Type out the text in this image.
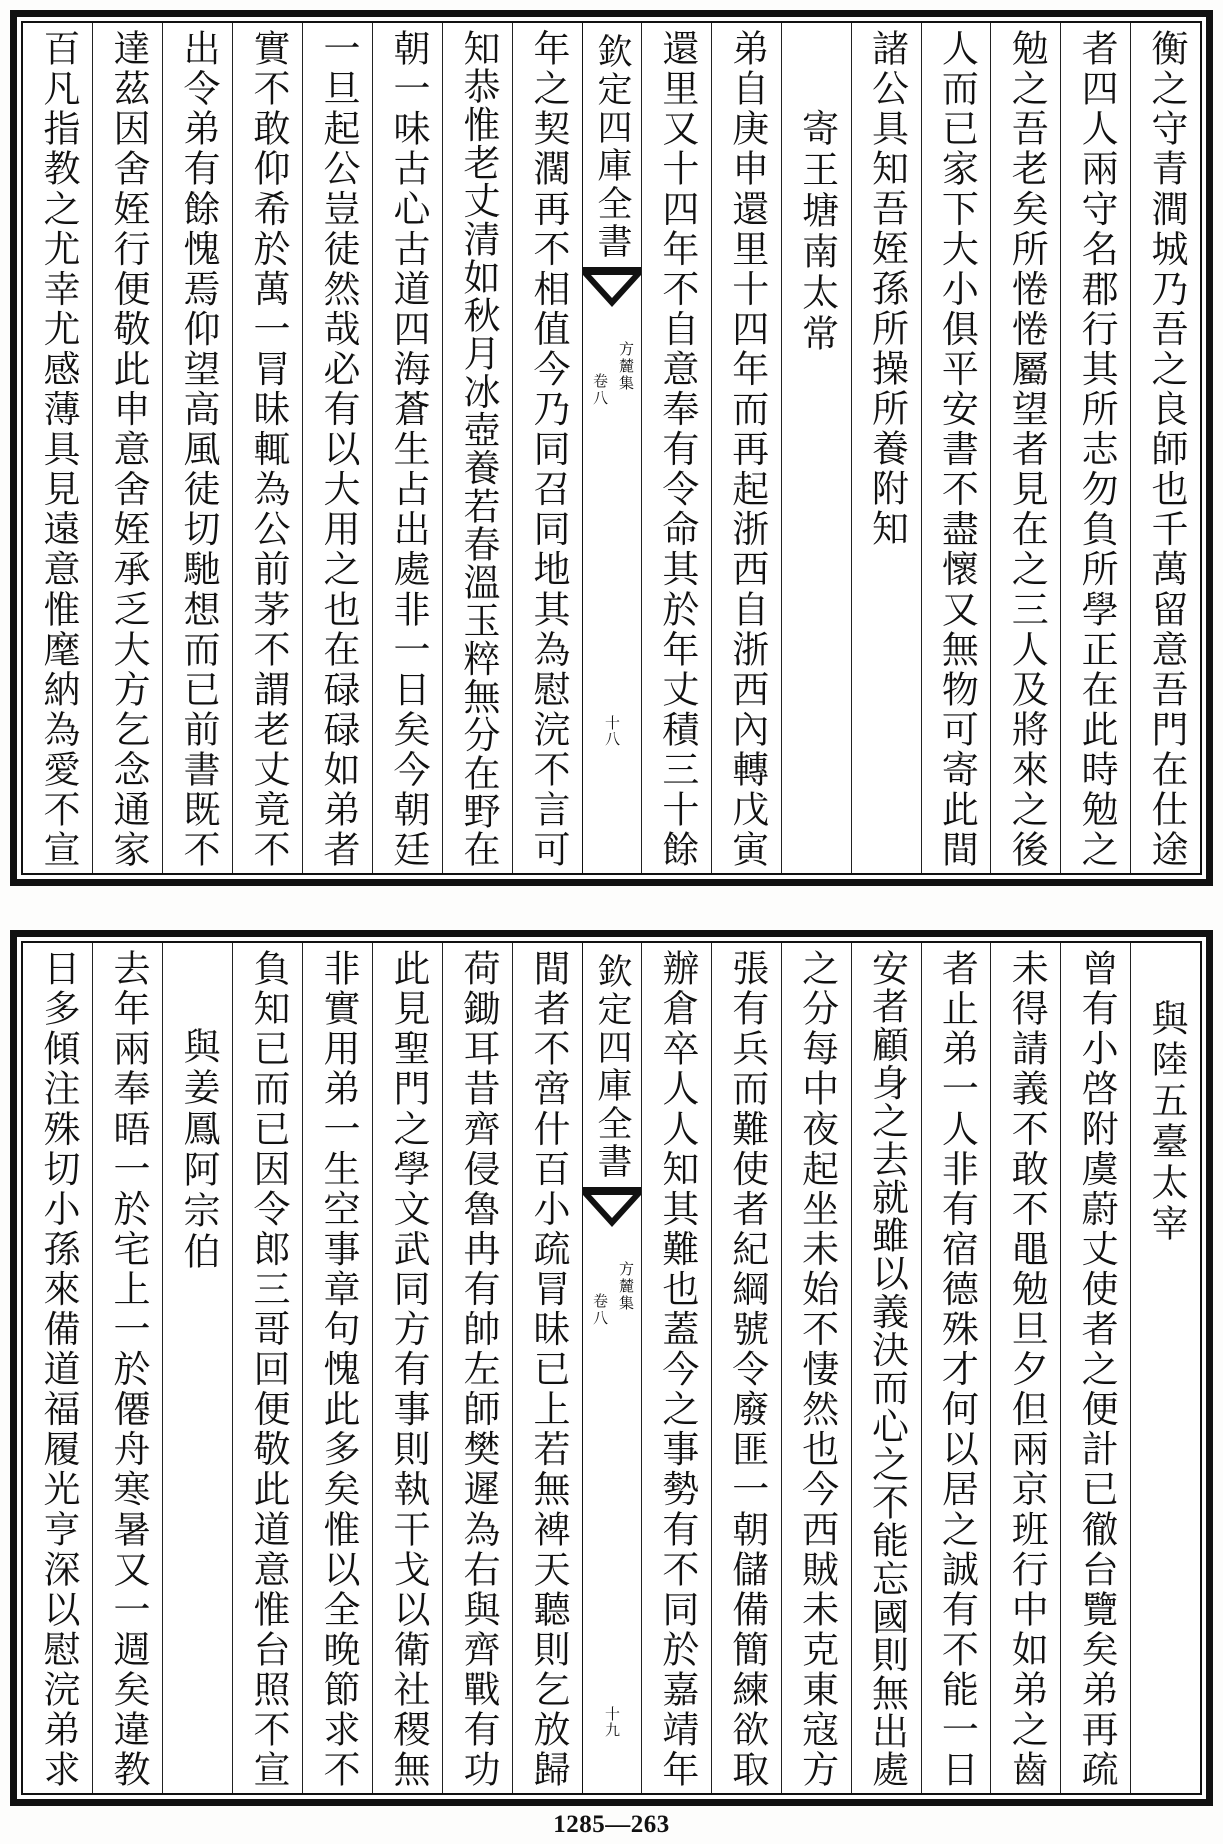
衡之守青澗城乃吾之良師也千萬留意吾門在仕途
者四人兩守名郡行其所志勿負所學正在此時勉之
勉之吾老矣所惓惓屬望者見在之三人及將來之後
人而已家下大小俱平安書不盡懷又無物可寄此間
諸公具知吾姪孫所操所養附知
寄王塘南太常
弟自庚申還里十四年而再起浙西自浙西內轉戊寅
還里又十四年不自意奉有令命其於年丈積三十餘
欽定四庫全書
方麓集
卷八
十八
年之契濶再不相值今乃同召同地其為慰浣不言可
知恭惟老丈清如秋月冰壺養若春溫玉粹無分在野在
朝一味古心古道四海蒼生占出處非一日矣今朝廷
一旦起公豈徒然哉必有以大用之也在碌碌如弟者
實不敢仰希於萬一冐昧輒為公前茅不謂老丈竟不
出令弟有餘愧焉仰望高風徒切馳想而已前書既不
達茲因舍姪行便敬此申意舍姪承乏大方乞念通家
百凡指教之尤幸尤感薄具見遠意惟麾納為愛不宣
與陸五臺太宰
曾有小啓附虞蔚丈使者之便計已徹台覽矣弟再疏
未得請義不敢不黽勉旦夕但兩京班行中如弟之齒
者止弟一人非有宿德殊才何以居之誠有不能一日
安者顧身之去就雖以義決而心之不能忘國則無出處
之分每中夜起坐未始不悽然也今西賊未克東寇方
張有兵而難使者紀綱號令廢匪一朝儲備簡練欲取
辦倉卒人人知其難也蓋今之事勢有不同於嘉靖年
欽定四庫全書
方麓集
卷八
十九
間者不啻什百小疏冐昧已上若無裨天聽則乞放歸
荷鋤耳昔齊侵魯冉有帥左師樊遲為右與齊戰有功
此見聖門之學文武同方有事則執干戈以衛社稷無
非實用弟一生空事章句愧此多矣惟以全晚節求不
負知已而已因令郎三哥回便敬此道意惟台照不宣
與姜鳳阿宗伯
去年兩奉晤一於宅上一於僊舟寒暑又一週矣違教
日多傾注殊切小孫來備道福履光亨深以慰浣弟求
1285—263
